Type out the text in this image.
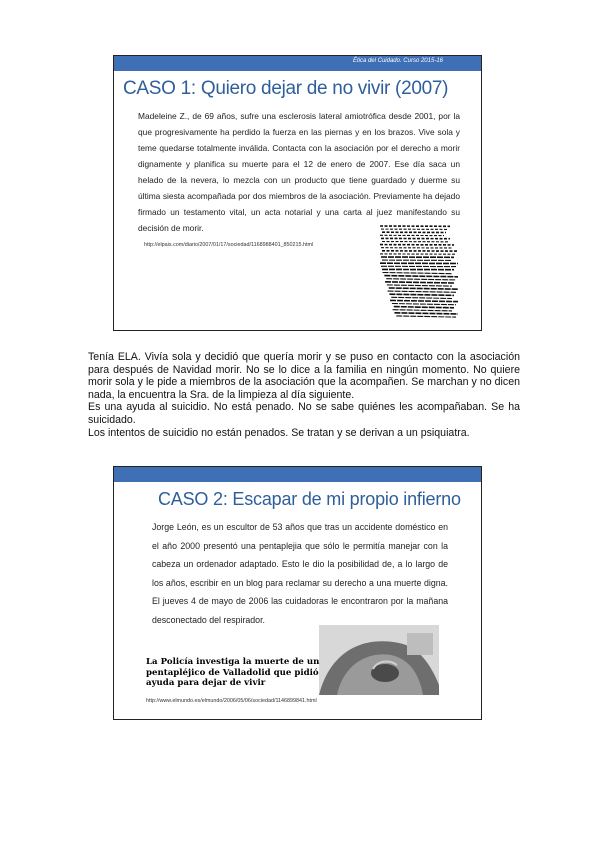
Ética del Cuidado. Curso 2015-16
CASO 1: Quiero dejar de no vivir (2007)
Madeleine Z., de 69 años, sufre una esclerosis lateral amiotrófica desde 2001, por la que progresivamente ha perdido la fuerza en las piernas y en los brazos. Vive sola y teme quedarse totalmente inválida. Contacta con la asociación por el derecho a morir dignamente y planifica su muerte para el 12 de enero de 2007. Ese día saca un helado de la nevera, lo mezcla con un producto que tiene guardado y duerme su última siesta acompañada por dos miembros de la asociación. Previamente ha dejado firmado un testamento vital, un acta notarial y una carta al juez manifestando su decisión de morir.
http://elpais.com/diario/2007/01/17/sociedad/1168988401_850215.html

Tenía ELA. Vivía sola y decidió que quería morir y se puso en contacto con la asociación para después de Navidad morir. No se lo dice a la familia en ningún momento. No quiere morir sola y le pide a miembros de la asociación que la acompañen. Se marchan y no dicen nada, la encuentra la Sra. de la limpieza al día siguiente.

Es una ayuda al suicidio. No está penado. No se sabe quiénes les acompañaban. Se ha suicidado.

Los intentos de suicidio no están penados. Se tratan y se derivan a un psiquiatra.

CASO 2: Escapar de mi propio infierno
Jorge León, es un escultor de 53 años que tras un accidente doméstico en el año 2000 presentó una pentaplejia que sólo le permitía manejar con la cabeza un ordenador adaptado. Esto le dio la posibilidad de, a lo largo de los años, escribir en un blog para reclamar su derecho a una muerte digna. El jueves 4 de mayo de 2006 las cuidadoras le encontraron por la mañana desconectado del respirador.
La Policía investiga la muerte de un pentapléjico de Valladolid que pidió ayuda para dejar de vivir
http://www.elmundo.es/elmundo/2006/05/06/sociedad/1146899841.html
